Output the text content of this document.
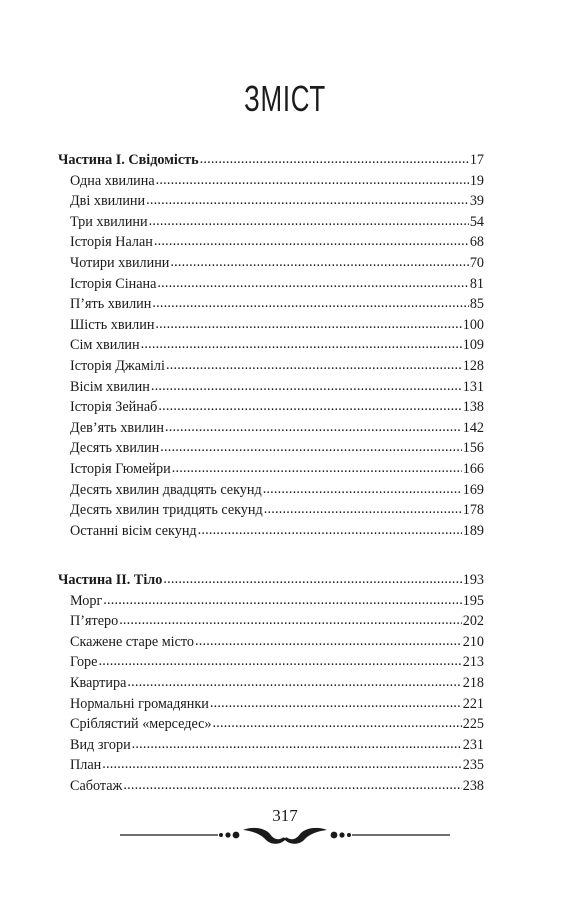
ЗМІСТ
Частина I. Свідомість .....	17
Одна хвилина .....	19
Дві хвилини .....	39
Три хвилини .....	54
Історія Налан .....	68
Чотири хвилини .....	70
Історія Сінана .....	81
П’ять хвилин .....	85
Шість хвилин .....	100
Сім хвилин .....	109
Історія Джамілі .....	128
Вісім хвилин .....	131
Історія Зейнаб .....	138
Дев’ять хвилин .....	142
Десять хвилин .....	156
Історія Гюмейри .....	166
Десять хвилин двадцять секунд .....	169
Десять хвилин тридцять секунд .....	178
Останні вісім секунд .....	189
Частина II. Тіло .....	193
Морг .....	195
П’ятеро .....	202
Скажене старе місто .....	210
Горе .....	213
Квартира .....	218
Нормальні громадянки .....	221
Сріблястий «мерседес» .....	225
Вид згори .....	231
План .....	235
Саботаж .....	238
317
